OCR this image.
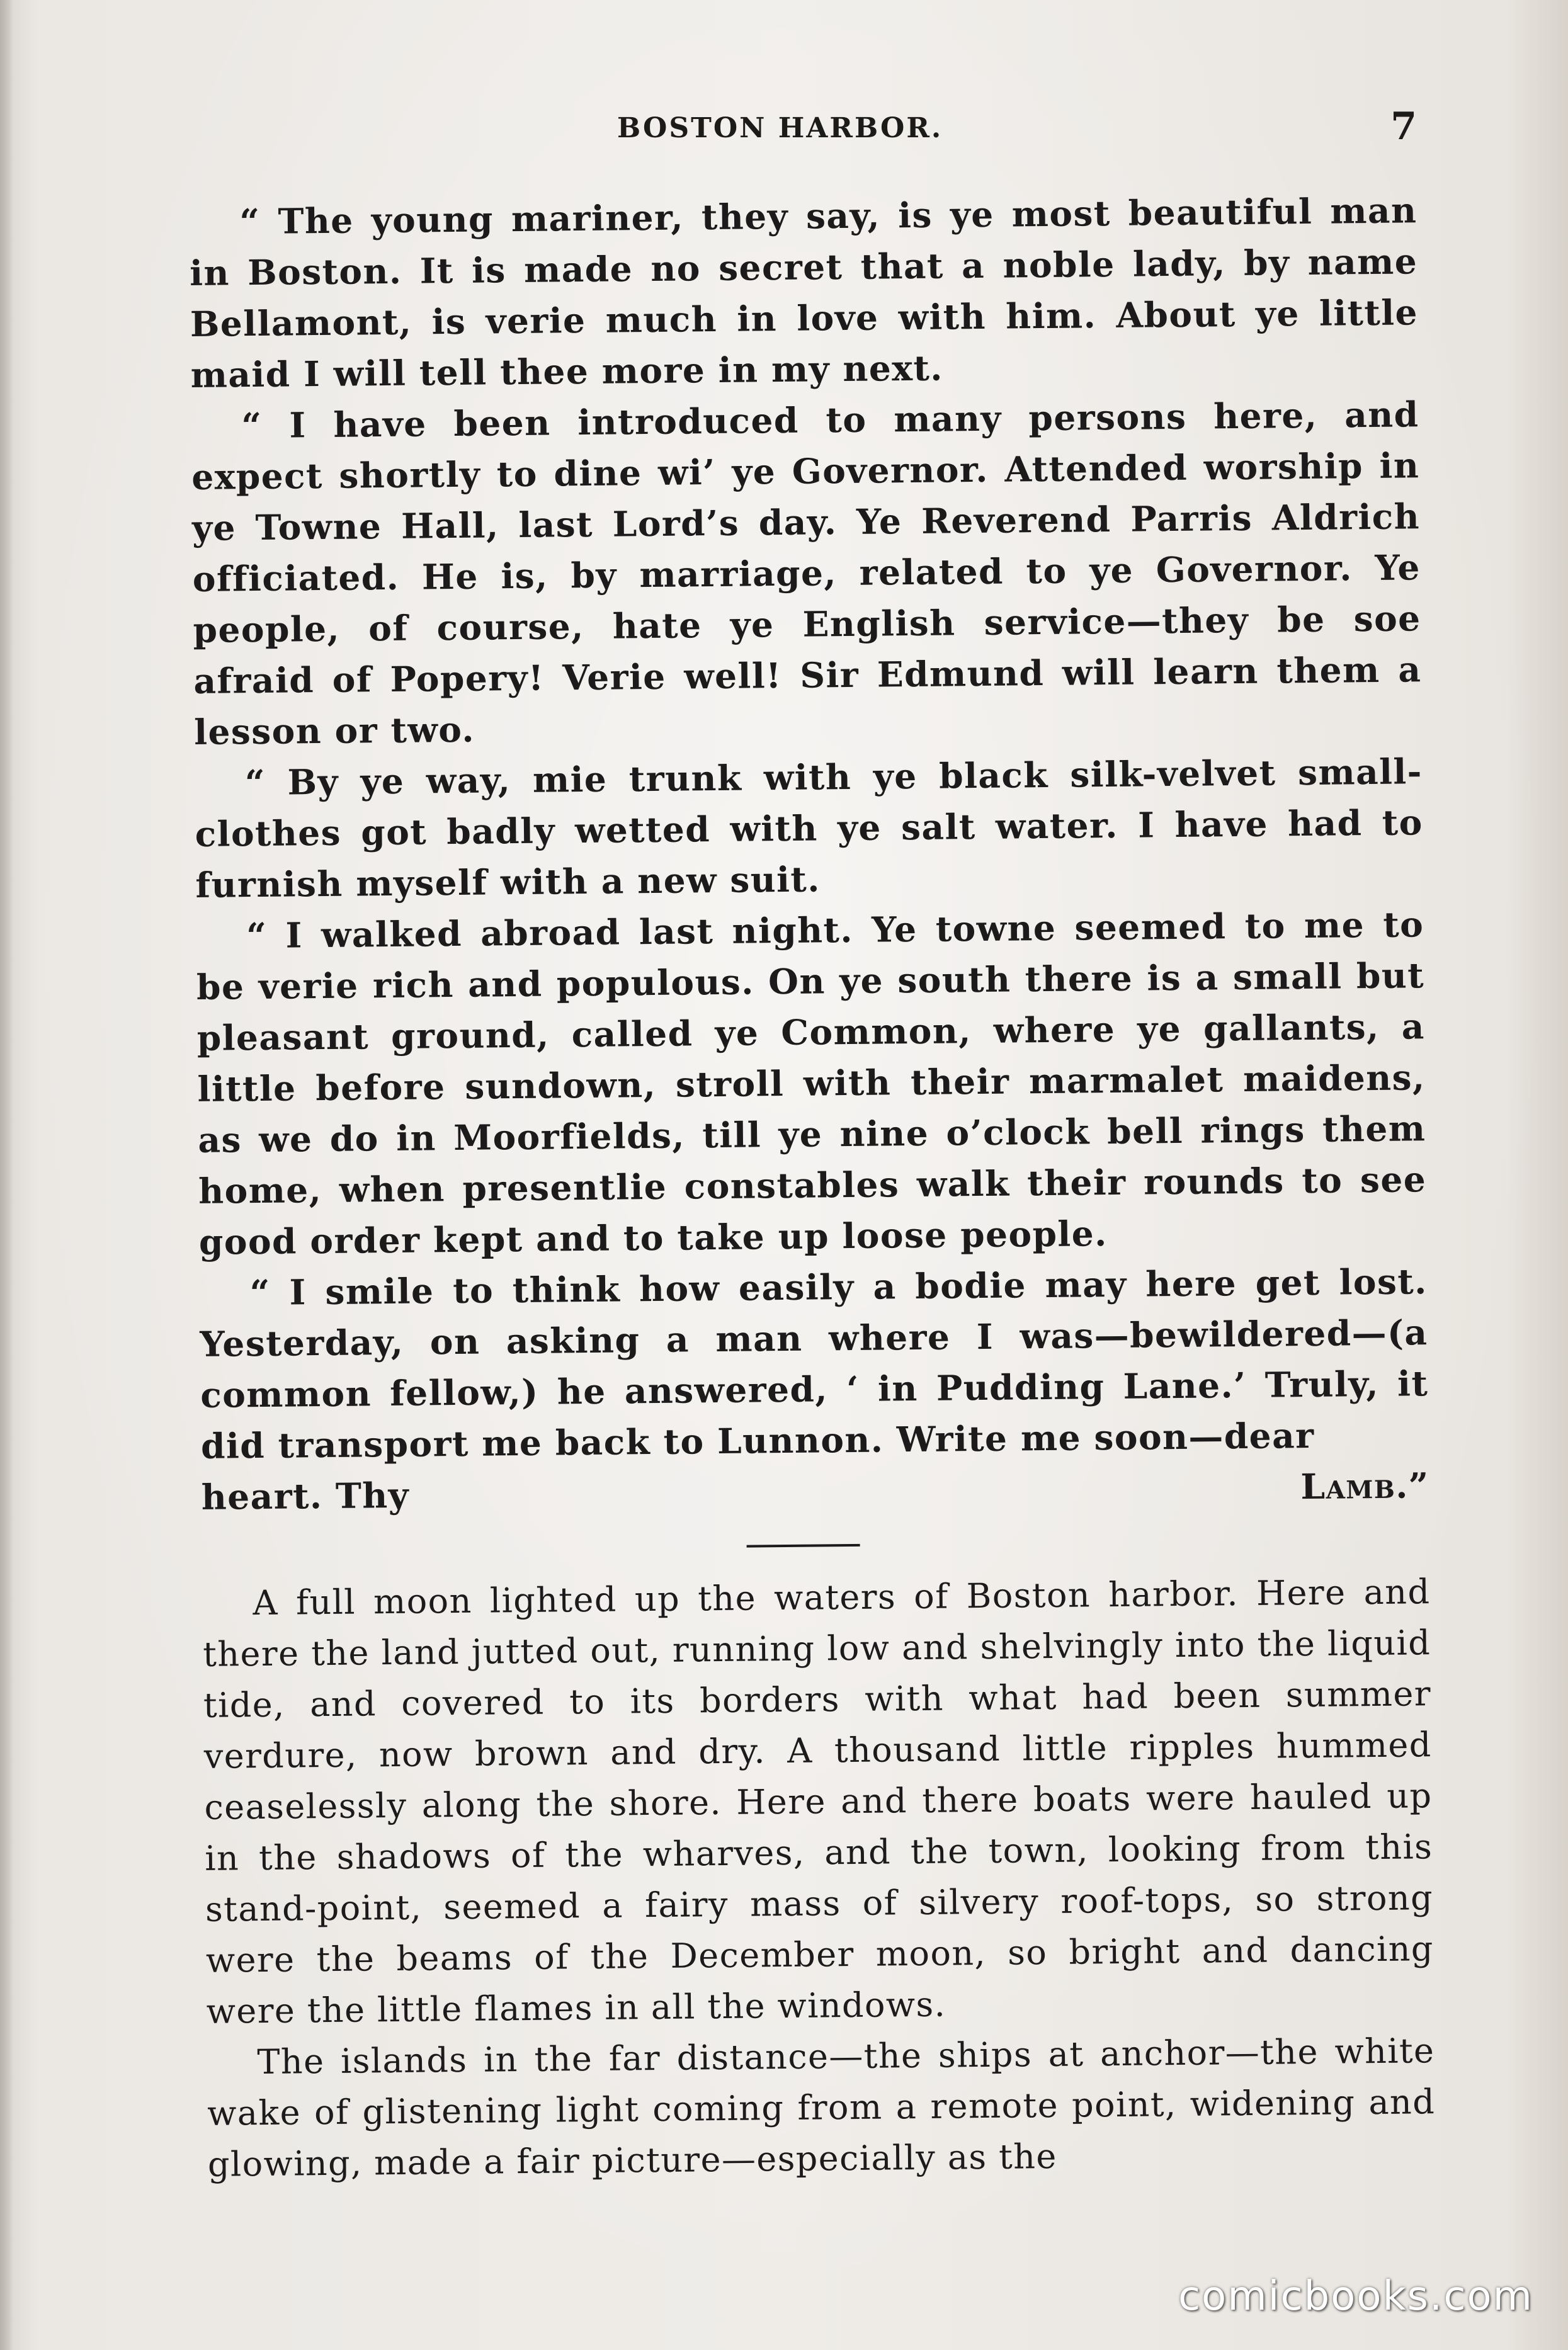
BOSTON HARBOR.	7

“ The young mariner, they say, is ye most beautiful man in Boston. It is made no secret that a noble lady, by name Bellamont, is verie much in love with him. About ye little maid I will tell thee more in my next.

“ I have been introduced to many persons here, and expect shortly to dine wi’ ye Governor. Attended worship in ye Towne Hall, last Lord’s day. Ye Reverend Parris Aldrich officiated. He is, by marriage, related to ye Governor. Ye people, of course, hate ye English service—they be soe afraid of Popery! Verie well! Sir Edmund will learn them a lesson or two.

“ By ye way, mie trunk with ye black silk-velvet small-clothes got badly wetted with ye salt water. I have had to furnish myself with a new suit.

“ I walked abroad last night. Ye towne seemed to me to be verie rich and populous. On ye south there is a small but pleasant ground, called ye Common, where ye gallants, a little before sundown, stroll with their marmalet maidens, as we do in Moorfields, till ye nine o’clock bell rings them home, when presentlie constables walk their rounds to see good order kept and to take up loose people.

“ I smile to think how easily a bodie may here get lost. Yesterday, on asking a man where I was—bewildered—(a common fellow,) he answered, ‘ in Pudding Lane.’ Truly, it did transport me back to Lunnon. Write me soon—dear

heart. Thy	Lamb.”

A full moon lighted up the waters of Boston harbor. Here and there the land jutted out, running low and shelvingly into the liquid tide, and covered to its borders with what had been summer verdure, now brown and dry. A thousand little ripples hummed ceaselessly along the shore. Here and there boats were hauled up in the shadows of the wharves, and the town, looking from this stand-point, seemed a fairy mass of silvery roof-tops, so strong were the beams of the December moon, so bright and dancing were the little flames in all the windows.

The islands in the far distance—the ships at anchor—the white wake of glistening light coming from a remote point, widening and glowing, made a fair picture—especially as the

comicbooks.com
